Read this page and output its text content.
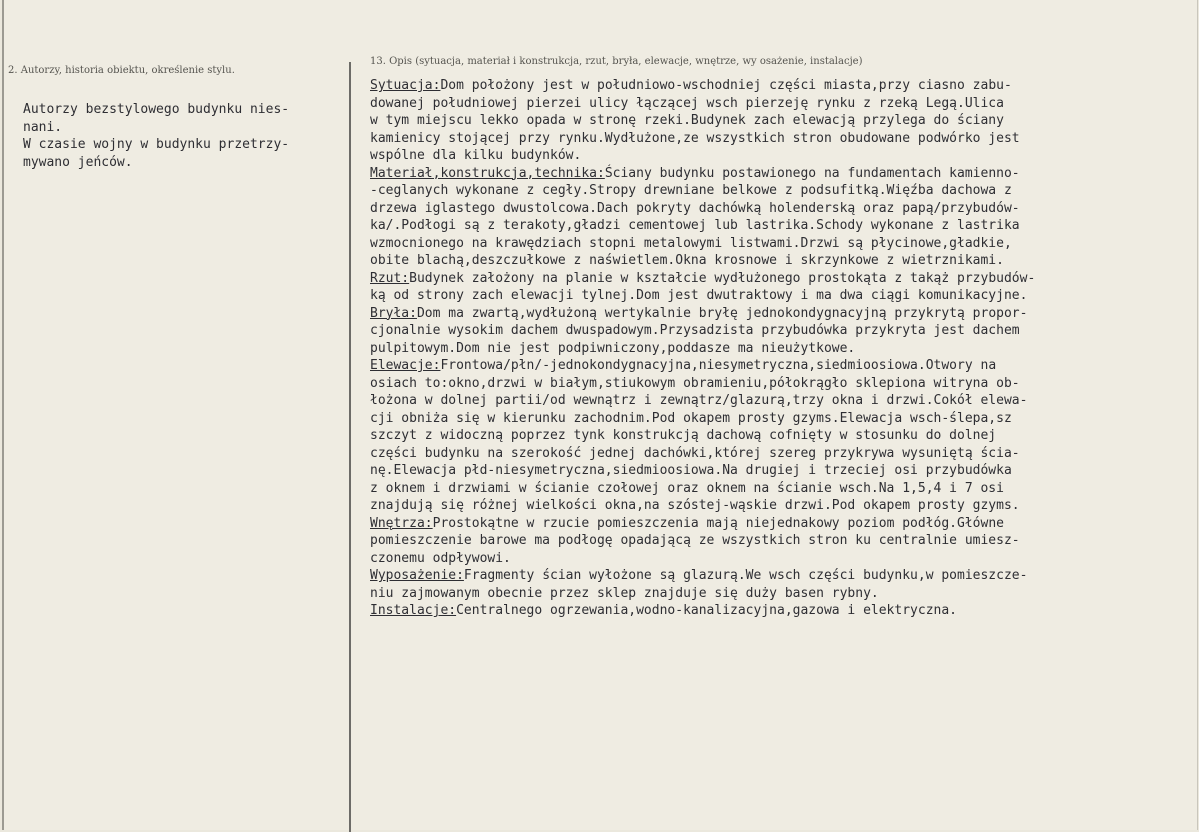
2. Autorzy, historia obiektu, określenie stylu.
13. Opis (sytuacja, materiał i konstrukcja, rzut, bryła, elewacje, wnętrze, wy osażenie, instalacje)
Autorzy bezstylowego budynku nies-
nani.
W czasie wojny w budynku przetrzy-
mywano jeńców.
Sytuacja:Dom położony jest w południowo-wschodniej części miasta,przy ciasno zabu-
dowanej południowej pierzei ulicy łączącej wsch pierzeję rynku z rzeką Legą.Ulica
w tym miejscu lekko opada w stronę rzeki.Budynek zach elewacją przylega do ściany
kamienicy stojącej przy rynku.Wydłużone,ze wszystkich stron obudowane podwórko jest
wspólne dla kilku budynków.
Materiał,konstrukcja,technika:Ściany budynku postawionego na fundamentach kamienno-
-ceglanych wykonane z cegły.Stropy drewniane belkowe z podsufitką.Więźba dachowa z
drzewa iglastego dwustolcowa.Dach pokryty dachówką holenderską oraz papą/przybudów-
ka/.Podłogi są z terakoty,gładzi cementowej lub lastrika.Schody wykonane z lastrika
wzmocnionego na krawędziach stopni metalowymi listwami.Drzwi są płycinowe,gładkie,
obite blachą,deszczułkowe z naświetlem.Okna krosnowe i skrzynkowe z wietrznikami.
Rzut:Budynek założony na planie w kształcie wydłużonego prostokąta z takąż przybudów-
ką od strony zach elewacji tylnej.Dom jest dwutraktowy i ma dwa ciągi komunikacyjne.
Bryła:Dom ma zwartą,wydłużoną wertykalnie bryłę jednokondygnacyjną przykrytą propor-
cjonalnie wysokim dachem dwuspadowym.Przysadzista przybudówka przykryta jest dachem
pulpitowym.Dom nie jest podpiwniczony,poddasze ma nieużytkowe.
Elewacje:Frontowa/płn/-jednokondygnacyjna,niesymetryczna,siedmioosiowa.Otwory na
osiach to:okno,drzwi w białym,stiukowym obramieniu,półokrągło sklepiona witryna ob-
łożona w dolnej partii/od wewnątrz i zewnątrz/glazurą,trzy okna i drzwi.Cokół elewa-
cji obniża się w kierunku zachodnim.Pod okapem prosty gzyms.Elewacja wsch-ślepa,sz
szczyt z widoczną poprzez tynk konstrukcją dachową cofnięty w stosunku do dolnej
części budynku na szerokość jednej dachówki,której szereg przykrywa wysuniętą ścia-
nę.Elewacja płd-niesymetryczna,siedmioosiowa.Na drugiej i trzeciej osi przybudówka
z oknem i drzwiami w ścianie czołowej oraz oknem na ścianie wsch.Na 1,5,4 i 7 osi
znajdują się różnej wielkości okna,na szóstej-wąskie drzwi.Pod okapem prosty gzyms.
Wnętrza:Prostokątne w rzucie pomieszczenia mają niejednakowy poziom podłóg.Główne
pomieszczenie barowe ma podłogę opadającą ze wszystkich stron ku centralnie umiesz-
czonemu odpływowi.
Wyposażenie:Fragmenty ścian wyłożone są glazurą.We wsch części budynku,w pomieszcze-
niu zajmowanym obecnie przez sklep znajduje się duży basen rybny.
Instalacje:Centralnego ogrzewania,wodno-kanalizacyjna,gazowa i elektryczna.
